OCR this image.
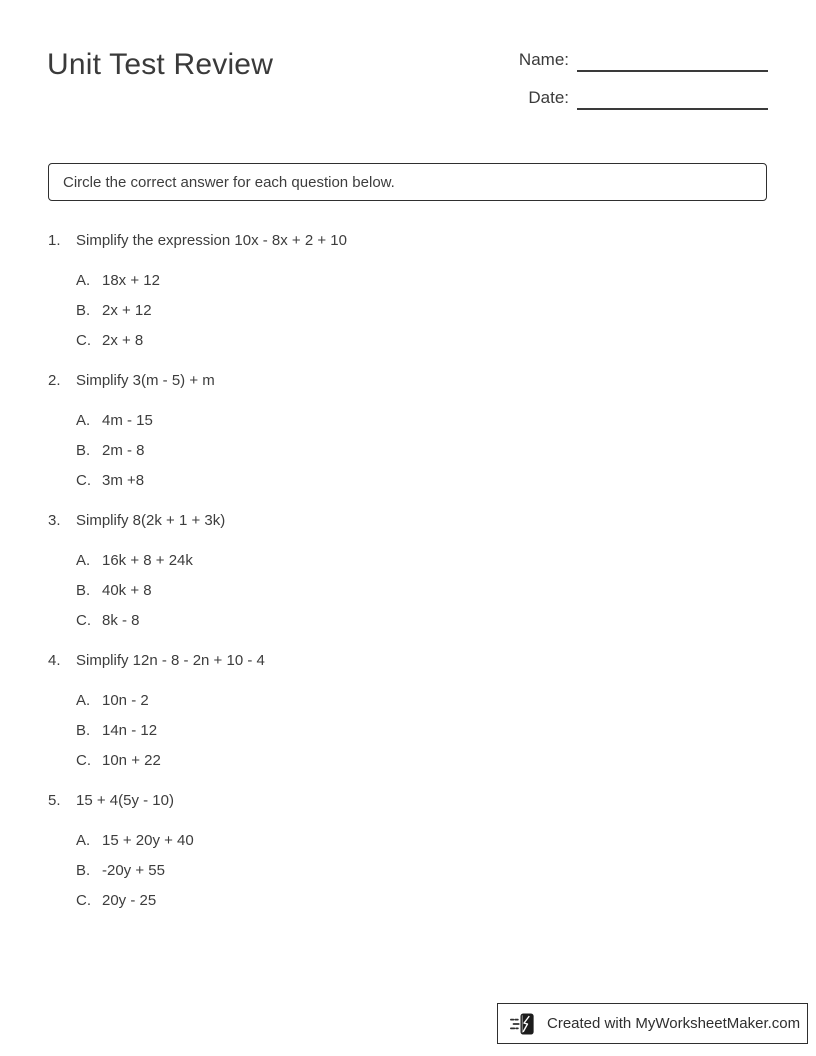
Unit Test Review	Name:
Date:
Circle the correct answer for each question below.
1.	Simplify the expression 10x - 8x + 2 + 10
A. 18x + 12
B. 2x + 12
C. 2x + 8
2.	Simplify 3(m - 5) + m
A. 4m - 15
B. 2m - 8
C. 3m +8
3.	Simplify 8(2k + 1 + 3k)
A. 16k + 8 + 24k
B. 40k + 8
C. 8k - 8
4.	Simplify 12n - 8 - 2n + 10 - 4
A. 10n - 2
B. 14n - 12
C. 10n + 22
5.	15 + 4(5y - 10)
A. 15 + 20y + 40
B. -20y + 55
C. 20y - 25
Created with MyWorksheetMaker.com
